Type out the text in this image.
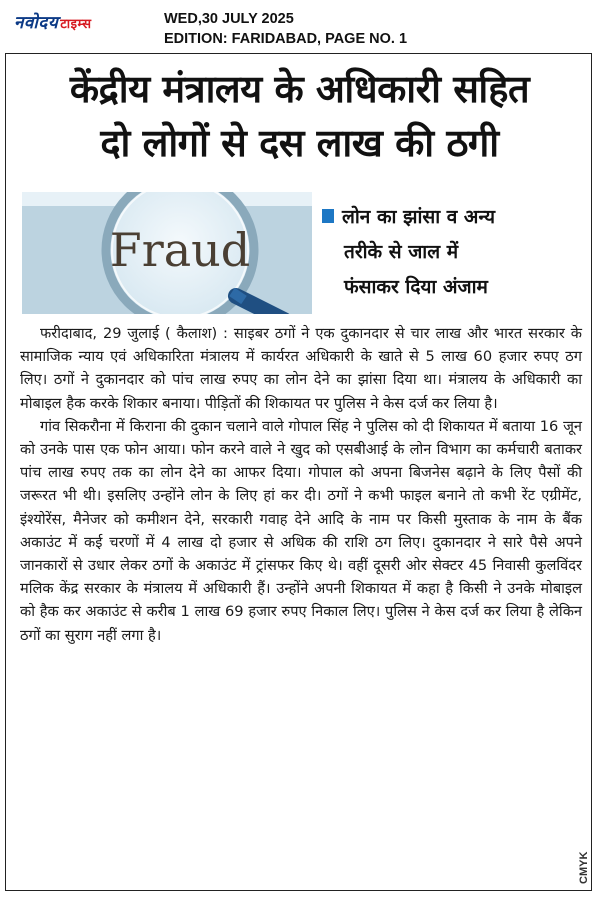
नवोदय टाइम्स	WED,30 JULY 2025
EDITION: FARIDABAD, PAGE NO. 1
केंद्रीय मंत्रालय के अधिकारी सहित
दो लोगों से दस लाख की ठगी
Fraud
लोन का झांसा व अन्य
तरीके से जाल में
फंसाकर दिया अंजाम

फरीदाबाद, 29 जुलाई ( कैलाश) : साइबर ठगों ने एक दुकानदार से चार लाख और भारत सरकार के सामाजिक न्याय एवं अधिकारिता मंत्रालय में कार्यरत अधिकारी के खाते से 5 लाख 60 हजार रुपए ठग लिए। ठगों ने दुकानदार को पांच लाख रुपए का लोन देने का झांसा दिया था। मंत्रालय के अधिकारी का मोबाइल हैक करके शिकार बनाया। पीड़ितों की शिकायत पर पुलिस ने केस दर्ज कर लिया है।

गांव सिकरौना में किराना की दुकान चलाने वाले गोपाल सिंह ने पुलिस को दी शिकायत में बताया 16 जून को उनके पास एक फोन आया। फोन करने वाले ने खुद को एसबीआई के लोन विभाग का कर्मचारी बताकर पांच लाख रुपए तक का लोन देने का आफर दिया। गोपाल को अपना बिजनेस बढ़ाने के लिए पैसों की जरूरत भी थी। इसलिए उन्होंने लोन के लिए हां कर दी। ठगों ने कभी फाइल बनाने तो कभी रेंट एग्रीमेंट, इंश्योरेंस, मैनेजर को कमीशन देने, सरकारी गवाह देने आदि के नाम पर किसी मुस्ताक के नाम के बैंक अकाउंट में कई चरणों में 4 लाख दो हजार से अधिक की राशि ठग लिए। दुकानदार ने सारे पैसे अपने जानकारों से उधार लेकर ठगों के अकाउंट में ट्रांसफर किए थे। वहीं दूसरी ओर सेक्टर 45 निवासी कुलविंदर मलिक केंद्र सरकार के मंत्रालय में अधिकारी हैं। उन्होंने अपनी शिकायत में कहा है किसी ने उनके मोबाइल को हैक कर अकाउंट से करीब 1 लाख 69 हजार रुपए निकाल लिए। पुलिस ने केस दर्ज कर लिया है लेकिन ठगों का सुराग नहीं लगा है।

CMYK
